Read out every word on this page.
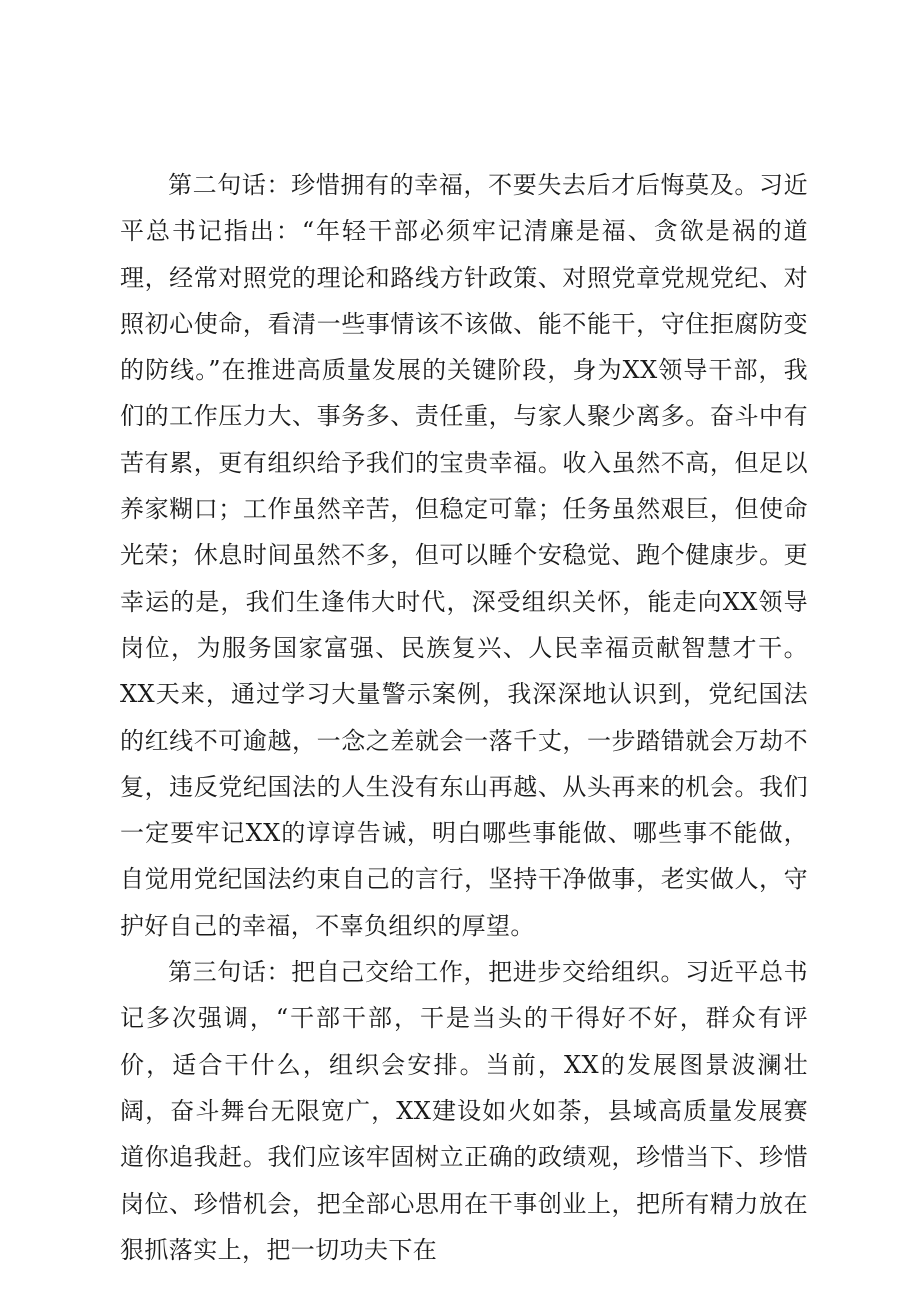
第二句话：珍惜拥有的幸福，不要失去后才后悔莫及。习近平总书记指出：“年轻干部必须牢记清廉是福、贪欲是祸的道理，经常对照党的理论和路线方针政策、对照党章党规党纪、对照初心使命，看清一些事情该不该做、能不能干，守住拒腐防变的防线。”在推进高质量发展的关键阶段，身为XX领导干部，我们的工作压力大、事务多、责任重，与家人聚少离多。奋斗中有苦有累，更有组织给予我们的宝贵幸福。收入虽然不高，但足以养家糊口；工作虽然辛苦，但稳定可靠；任务虽然艰巨，但使命光荣；休息时间虽然不多，但可以睡个安稳觉、跑个健康步。更幸运的是，我们生逢伟大时代，深受组织关怀，能走向XX领导岗位，为服务国家富强、民族复兴、人民幸福贡献智慧才干。XX天来，通过学习大量警示案例，我深深地认识到，党纪国法的红线不可逾越，一念之差就会一落千丈，一步踏错就会万劫不复，违反党纪国法的人生没有东山再越、从头再来的机会。我们一定要牢记XX的谆谆告诫，明白哪些事能做、哪些事不能做，自觉用党纪国法约束自己的言行，坚持干净做事，老实做人，守护好自己的幸福，不辜负组织的厚望。

第三句话：把自己交给工作，把进步交给组织。习近平总书记多次强调，“干部干部，干是当头的干得好不好，群众有评价，适合干什么，组织会安排。当前，XX的发展图景波澜壮阔，奋斗舞台无限宽广，XX建设如火如荼，县域高质量发展赛道你追我赶。我们应该牢固树立正确的政绩观，珍惜当下、珍惜岗位、珍惜机会，把全部心思用在干事创业上，把所有精力放在狠抓落实上，把一切功夫下在
